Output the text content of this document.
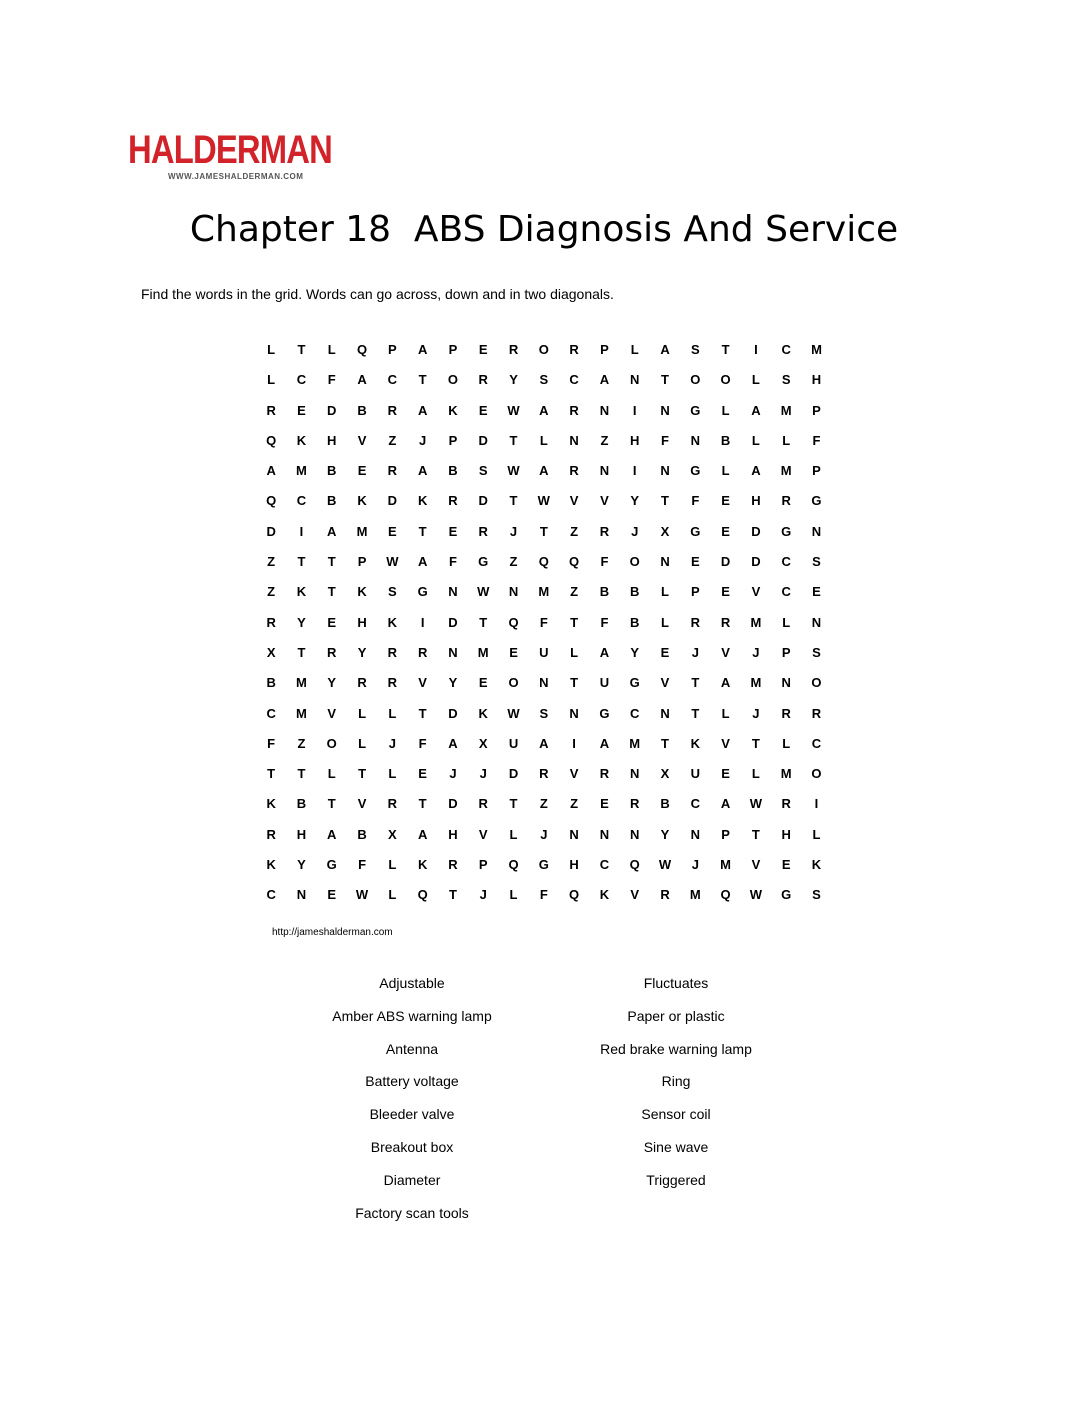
HALDERMAN
WWW.JAMESHALDERMAN.COM
Chapter 18  ABS Diagnosis And Service
Find the words in the grid. Words can go across, down and in two diagonals.
L	T	L	Q	P	A	P	E	R	O	R	P	L	A	S	T	I	C	M
L	C	F	A	C	T	O	R	Y	S	C	A	N	T	O	O	L	S	H
R	E	D	B	R	A	K	E	W	A	R	N	I	N	G	L	A	M	P
Q	K	H	V	Z	J	P	D	T	L	N	Z	H	F	N	B	L	L	F
A	M	B	E	R	A	B	S	W	A	R	N	I	N	G	L	A	M	P
Q	C	B	K	D	K	R	D	T	W	V	V	Y	T	F	E	H	R	G
D	I	A	M	E	T	E	R	J	T	Z	R	J	X	G	E	D	G	N
Z	T	T	P	W	A	F	G	Z	Q	Q	F	O	N	E	D	D	C	S
Z	K	T	K	S	G	N	W	N	M	Z	B	B	L	P	E	V	C	E
R	Y	E	H	K	I	D	T	Q	F	T	F	B	L	R	R	M	L	N
X	T	R	Y	R	R	N	M	E	U	L	A	Y	E	J	V	J	P	S
B	M	Y	R	R	V	Y	E	O	N	T	U	G	V	T	A	M	N	O
C	M	V	L	L	T	D	K	W	S	N	G	C	N	T	L	J	R	R
F	Z	O	L	J	F	A	X	U	A	I	A	M	T	K	V	T	L	C
T	T	L	T	L	E	J	J	D	R	V	R	N	X	U	E	L	M	O
K	B	T	V	R	T	D	R	T	Z	Z	E	R	B	C	A	W	R	I
R	H	A	B	X	A	H	V	L	J	N	N	N	Y	N	P	T	H	L
K	Y	G	F	L	K	R	P	Q	G	H	C	Q	W	J	M	V	E	K
C	N	E	W	L	Q	T	J	L	F	Q	K	V	R	M	Q	W	G	S
http://jameshalderman.com
Adjustable
Amber ABS warning lamp
Antenna
Battery voltage
Bleeder valve
Breakout box
Diameter
Factory scan tools
Fluctuates
Paper or plastic
Red brake warning lamp
Ring
Sensor coil
Sine wave
Triggered
